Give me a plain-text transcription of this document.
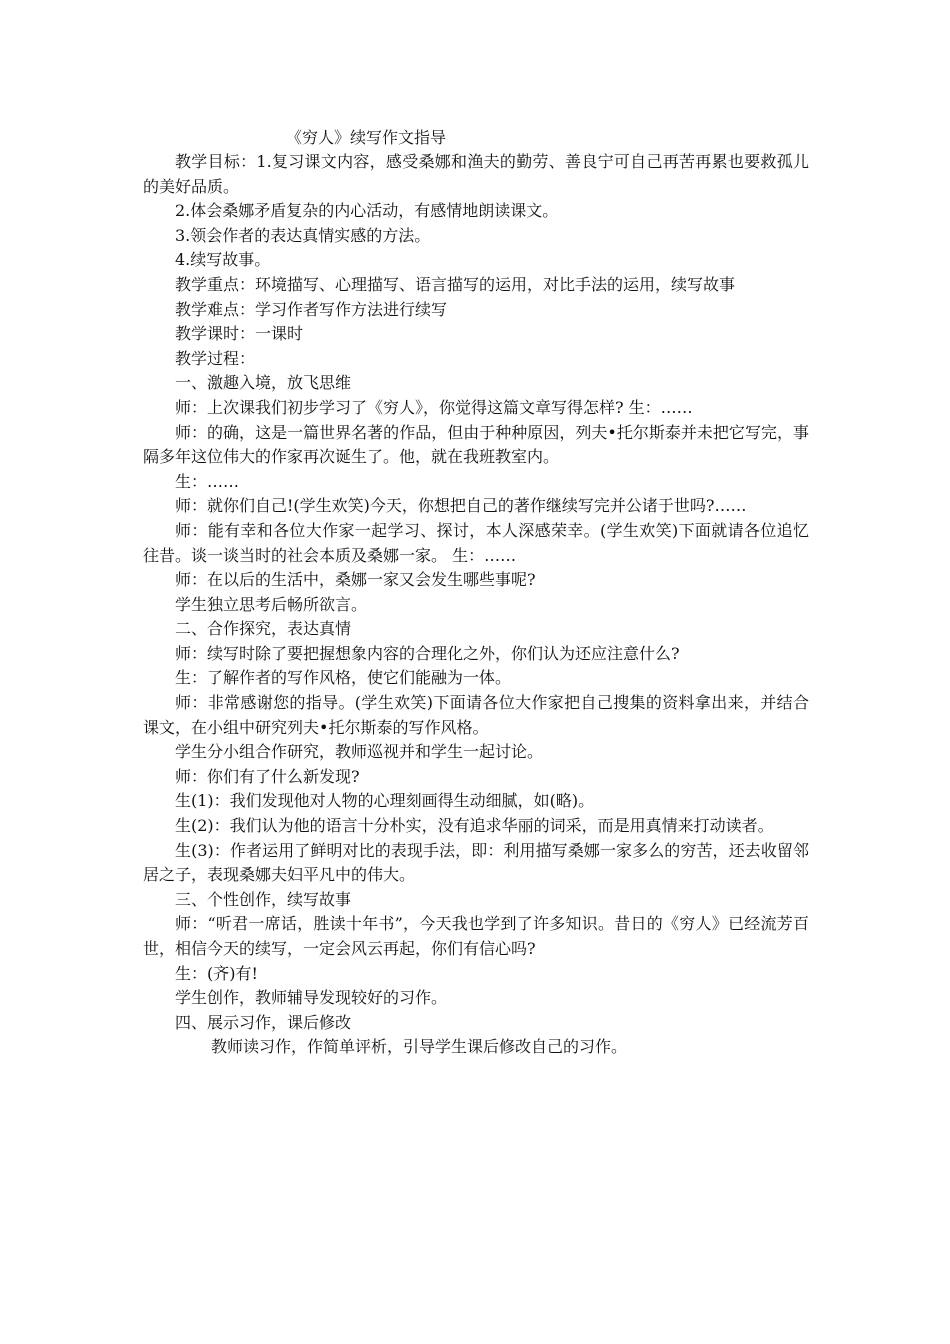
《穷人》续写作文指导

教学目标：1.复习课文内容，感受桑娜和渔夫的勤劳、善良宁可自己再苦再累也要救孤儿的美好品质。

2.体会桑娜矛盾复杂的内心活动，有感情地朗读课文。

3.领会作者的表达真情实感的方法。

4.续写故事。

教学重点：环境描写、心理描写、语言描写的运用，对比手法的运用，续写故事

教学难点：学习作者写作方法进行续写

教学课时：一课时

教学过程：

一、激趣入境，放飞思维

师：上次课我们初步学习了《穷人》，你觉得这篇文章写得怎样? 生：……

师：的确，这是一篇世界名著的作品，但由于种种原因，列夫•托尔斯泰并未把它写完，事隔多年这位伟大的作家再次诞生了。他，就在我班教室内。

生：……

师：就你们自己!(学生欢笑)今天，你想把自己的著作继续写完并公诸于世吗?……

师：能有幸和各位大作家一起学习、探讨，本人深感荣幸。(学生欢笑)下面就请各位追忆往昔。谈一谈当时的社会本质及桑娜一家。 生：……

师：在以后的生活中，桑娜一家又会发生哪些事呢?

学生独立思考后畅所欲言。

二、合作探究，表达真情

师：续写时除了要把握想象内容的合理化之外，你们认为还应注意什么?

生：了解作者的写作风格，使它们能融为一体。

师：非常感谢您的指导。(学生欢笑)下面请各位大作家把自己搜集的资料拿出来，并结合课文，在小组中研究列夫•托尔斯泰的写作风格。

学生分小组合作研究，教师巡视并和学生一起讨论。

师：你们有了什么新发现?

生(1)：我们发现他对人物的心理刻画得生动细腻，如(略)。

生(2)：我们认为他的语言十分朴实，没有追求华丽的词采，而是用真情来打动读者。

生(3)：作者运用了鲜明对比的表现手法，即：利用描写桑娜一家多么的穷苦，还去收留邻居之子，表现桑娜夫妇平凡中的伟大。

三、个性创作，续写故事

师：“听君一席话，胜读十年书”，今天我也学到了许多知识。昔日的《穷人》已经流芳百世，相信今天的续写，一定会风云再起，你们有信心吗?

生：(齐)有!

学生创作，教师辅导发现较好的习作。

四、展示习作，课后修改

教师读习作，作简单评析，引导学生课后修改自己的习作。
